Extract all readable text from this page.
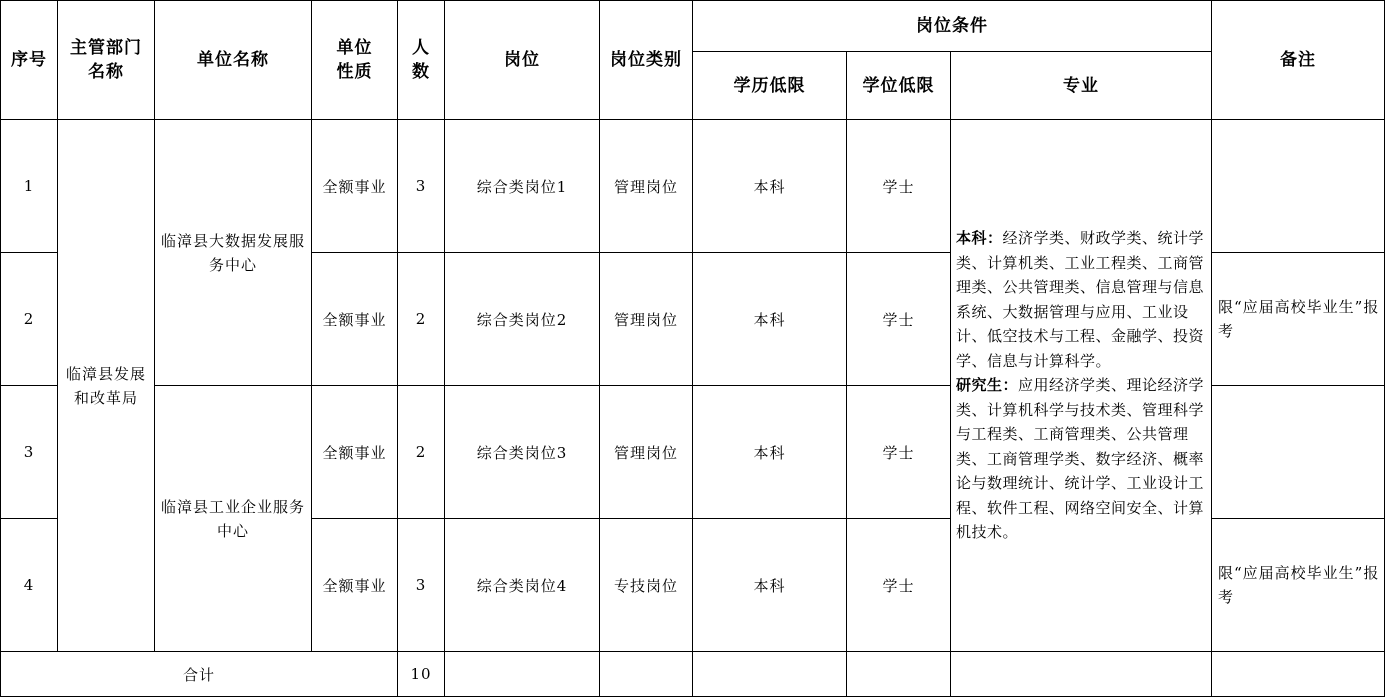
序号	主管部门名称	单位名称	单位性质	人数	岗位	岗位类别	岗位条件			备注

							学历低限	学位低限	专业	

1	临漳县发展和改革局	临漳县大数据发展服务中心	全额事业	3	综合类岗位1	管理岗位	本科	学士	本科：经济学类、财政学类、统计学类、计算机类、工业工程类、工商管理类、公共管理类、信息管理与信息系统、大数据管理与应用、工业设计、低空技术与工程、金融学、投资学、信息与计算科学。
研究生：应用经济学类、理论经济学类、计算机科学与技术类、管理科学与工程类、工商管理类、公共管理类、工商管理学类、数字经济、概率论与数理统计、统计学、工业设计工程、软件工程、网络空间安全、计算机技术。	
2			全额事业	2	综合类岗位2	管理岗位	本科	学士		限“应届高校毕业生”报考

3		临漳县工业企业服务中心	全额事业	2	综合类岗位3	管理岗位	本科	学士		
4			全额事业	3	综合类岗位4	专技岗位	本科	学士		限“应届高校毕业生”报考

合计				10						
